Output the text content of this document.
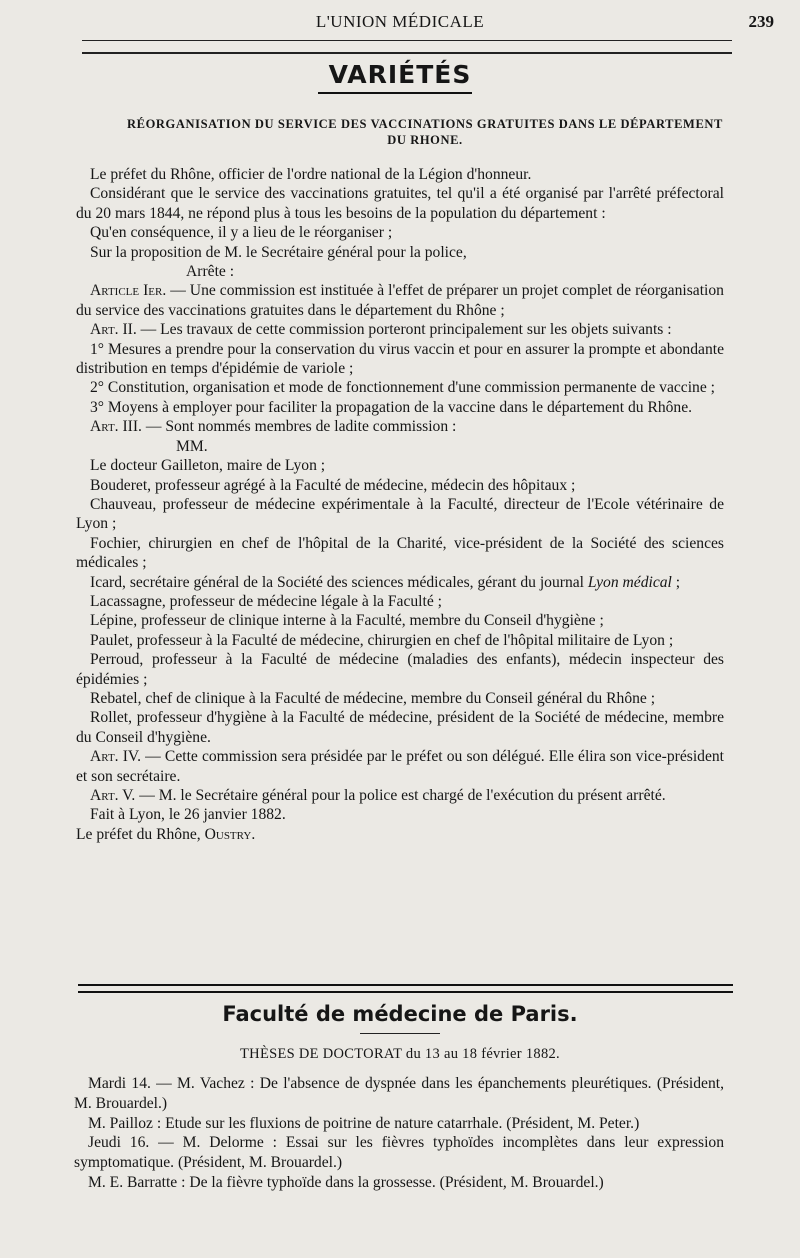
L'UNION MÉDICALE	239
VARIÉTÉS
RÉORGANISATION DU SERVICE DES VACCINATIONS GRATUITES DANS LE DÉPARTEMENT
DU RHONE.

Le préfet du Rhône, officier de l'ordre national de la Légion d'honneur.

Considérant que le service des vaccinations gratuites, tel qu'il a été organisé par l'arrêté préfectoral du 20 mars 1844, ne répond plus à tous les besoins de la population du département :

Qu'en conséquence, il y a lieu de le réorganiser ;

Sur la proposition de M. le Secrétaire général pour la police,

Arrête :

Article Ier. — Une commission est instituée à l'effet de préparer un projet complet de réorganisation du service des vaccinations gratuites dans le département du Rhône ;

Art. II. — Les travaux de cette commission porteront principalement sur les objets suivants :

1° Mesures a prendre pour la conservation du virus vaccin et pour en assurer la prompte et abondante distribution en temps d'épidémie de variole ;

2° Constitution, organisation et mode de fonctionnement d'une commission permanente de vaccine ;

3° Moyens à employer pour faciliter la propagation de la vaccine dans le département du Rhône.

Art. III. — Sont nommés membres de ladite commission :

MM.

Le docteur Gailleton, maire de Lyon ;

Bouderet, professeur agrégé à la Faculté de médecine, médecin des hôpitaux ;

Chauveau, professeur de médecine expérimentale à la Faculté, directeur de l'Ecole vétérinaire de Lyon ;

Fochier, chirurgien en chef de l'hôpital de la Charité, vice-président de la Société des sciences médicales ;

Icard, secrétaire général de la Société des sciences médicales, gérant du journal Lyon médical ;

Lacassagne, professeur de médecine légale à la Faculté ;

Lépine, professeur de clinique interne à la Faculté, membre du Conseil d'hygiène ;

Paulet, professeur à la Faculté de médecine, chirurgien en chef de l'hôpital militaire de Lyon ;

Perroud, professeur à la Faculté de médecine (maladies des enfants), médecin inspecteur des épidémies ;

Rebatel, chef de clinique à la Faculté de médecine, membre du Conseil général du Rhône ;

Rollet, professeur d'hygiène à la Faculté de médecine, président de la Société de médecine, membre du Conseil d'hygiène.

Art. IV. — Cette commission sera présidée par le préfet ou son délégué. Elle élira son vice-président et son secrétaire.

Art. V. — M. le Secrétaire général pour la police est chargé de l'exécution du présent arrêté.

Fait à Lyon, le 26 janvier 1882.

Le préfet du Rhône, Oustry.

Faculté de médecine de Paris.
THÈSES DE DOCTORAT du 13 au 18 février 1882.

Mardi 14. — M. Vachez : De l'absence de dyspnée dans les épanchements pleurétiques. (Président, M. Brouardel.)

M. Pailloz : Etude sur les fluxions de poitrine de nature catarrhale. (Président, M. Peter.)

Jeudi 16. — M. Delorme : Essai sur les fièvres typhoïdes incomplètes dans leur expression symptomatique. (Président, M. Brouardel.)

M. E. Barratte : De la fièvre typhoïde dans la grossesse. (Président, M. Brouardel.)
